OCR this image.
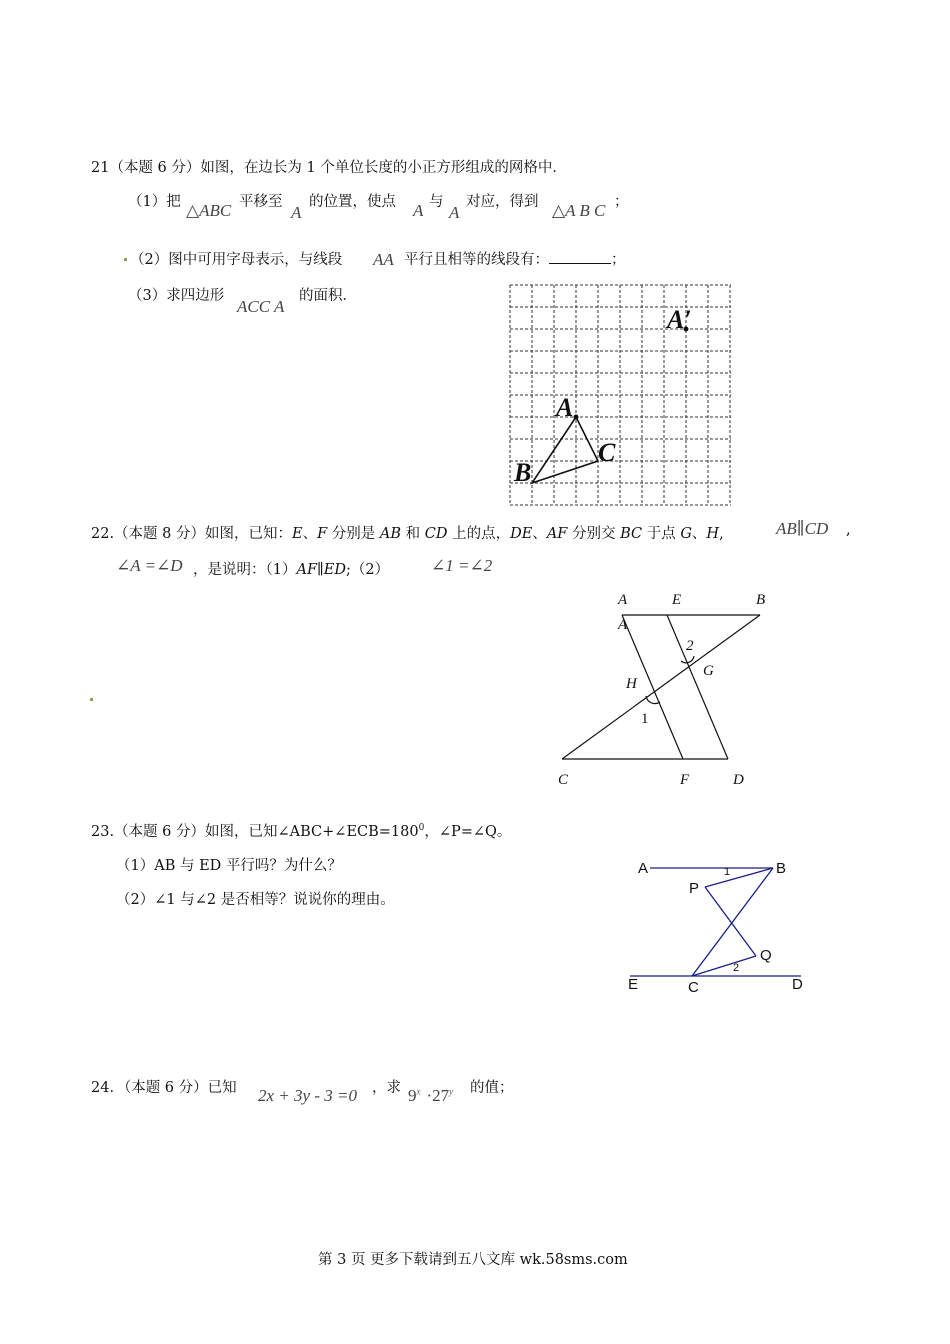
21（本题 6 分）如图，在边长为 1 个单位长度的小正方形组成的网格中．
（1）把 △ABC 平移至
A
的位置，使点 A 与
A
对应，得到 △A B C ；
（2）图中可用字母表示，与线段 AA 平行且相等的线段有：	；
（3）求四边形
ACC A
的面积．
A
B
C
A′
22.（本题 8 分）如图，已知：E、F 分别是 AB 和 CD 上的点，DE、AF 分别交 BC 于点 G、H,	AB∥CD ,
∠A =∠D ，是说明：（1）AF∥ED;（2） ∠1 =∠2
A
A
E	B
2
G
H
1
C	F	D
23.（本题 6 分）如图，已知$\angle ABC+\angle ECB=180^0$，∠P=∠Q。
（1）AB 与 ED 平行吗？为什么？
（2）∠1 与∠2 是否相等？说说你的理由。
A	B
1
P
Q
2
E	C	D
24．（本题 6 分）已知 2x + 3y - 3 =0 ，求 $9^x \cdot 27^y$ 的值；
第 3 页 更多下载请到五八文库 wk.58sms.com
